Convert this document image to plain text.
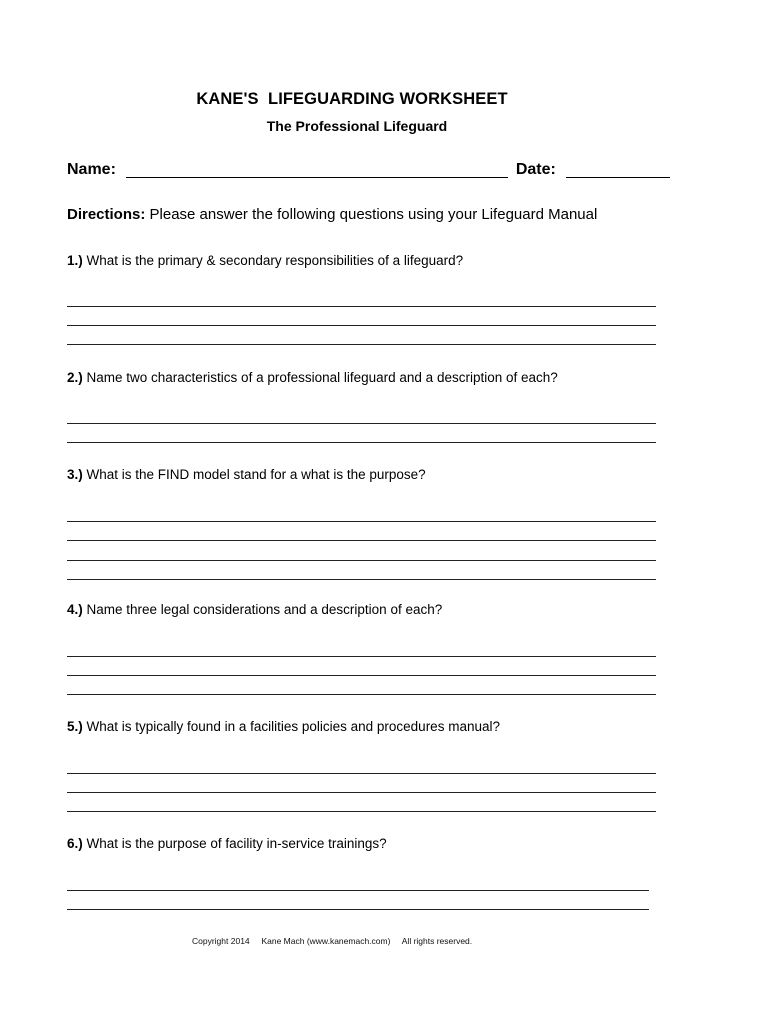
KANE'S  LIFEGUARDING WORKSHEET
The Professional Lifeguard
Name:	Date:
Directions: Please answer the following questions using your Lifeguard Manual
1.) What is the primary & secondary responsibilities of a lifeguard?
2.) Name two characteristics of a professional lifeguard and a description of each?
3.) What is the FIND model stand for a what is the purpose?
4.) Name three legal considerations and a description of each?
5.) What is typically found in a facilities policies and procedures manual?
6.) What is the purpose of facility in-service trainings?
Copyright 2014     Kane Mach (www.kanemach.com)     All rights reserved.
